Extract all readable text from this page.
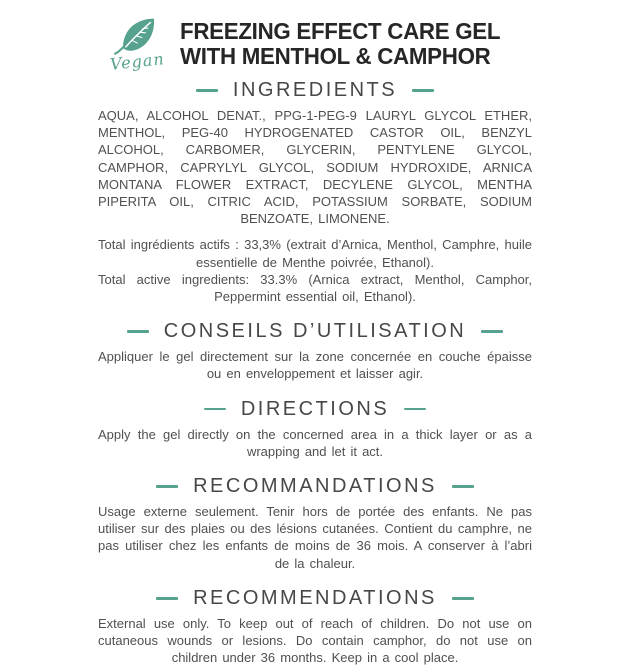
Vegan
FREEZING EFFECT CARE GEL
WITH MENTHOL & CAMPHOR
INGREDIENTS

AQUA, ALCOHOL DENAT., PPG-1-PEG-9 LAURYL GLYCOL ETHER, MENTHOL, PEG-40 HYDROGENATED CASTOR OIL, BENZYL ALCOHOL, CARBOMER, GLYCERIN, PENTYLENE GLYCOL, CAMPHOR, CAPRYLYL GLYCOL, SODIUM HYDROXIDE, ARNICA MONTANA FLOWER EXTRACT, DECYLENE GLYCOL, MENTHA PIPERITA OIL, CITRIC ACID, POTASSIUM SORBATE, SODIUM BENZOATE, LIMONENE.

Total ingrédients actifs : 33,3% (extrait d’Arnica, Menthol, Camphre, huile essentielle de Menthe poivrée, Ethanol).

Total active ingredients: 33.3% (Arnica extract, Menthol, Camphor, Peppermint essential oil, Ethanol).

CONSEILS D’UTILISATION

Appliquer le gel directement sur la zone concernée en couche épaisse ou en enveloppement et laisser agir.

DIRECTIONS

Apply the gel directly on the concerned area in a thick layer or as a wrapping and let it act.

RECOMMANDATIONS

Usage externe seulement. Tenir hors de portée des enfants. Ne pas utiliser sur des plaies ou des lésions cutanées. Contient du camphre, ne pas utiliser chez les enfants de moins de 36 mois. A conserver à l’abri de la chaleur.

RECOMMENDATIONS

External use only. To keep out of reach of children. Do not use on cutaneous wounds or lesions. Do contain camphor, do not use on children under 36 months. Keep in a cool place.
